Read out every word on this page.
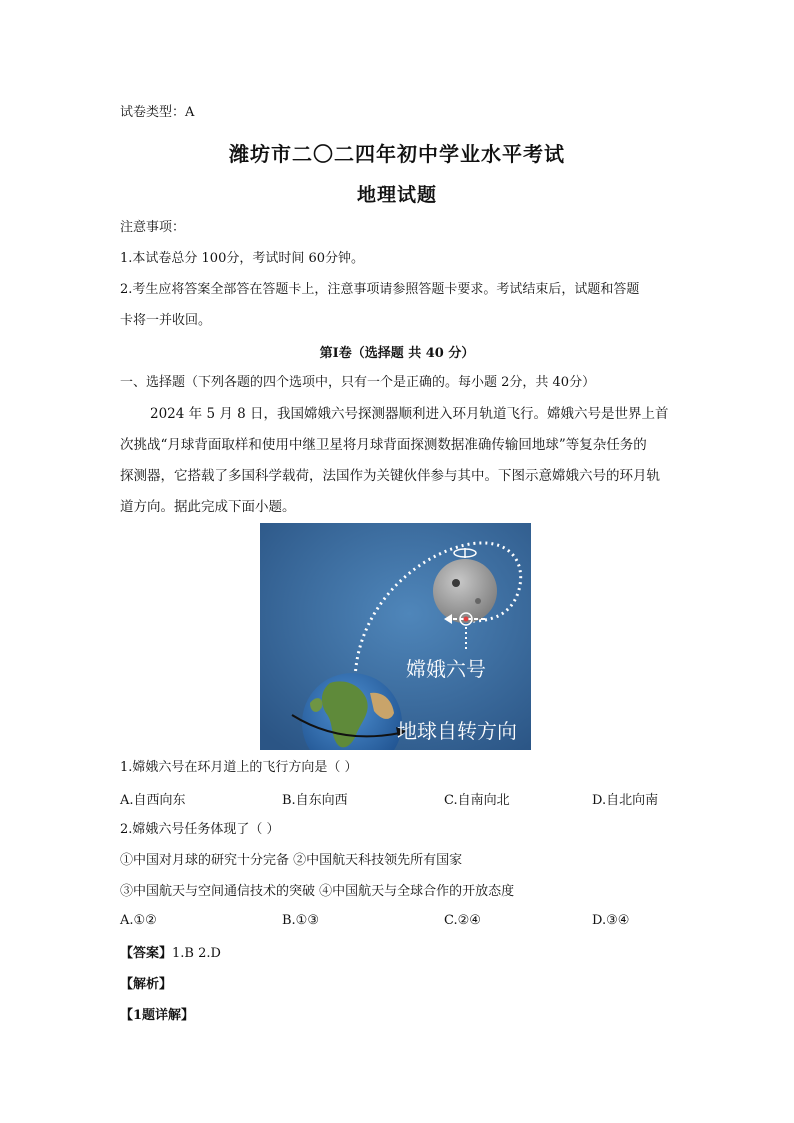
试卷类型：A
潍坊市二〇二四年初中学业水平考试
地理试题
注意事项：
1.本试卷总分 100分，考试时间 60分钟。
2.考生应将答案全部答在答题卡上，注意事项请参照答题卡要求。考试结束后，试题和答题
卡将一并收回。
第Ⅰ卷（选择题 共 40 分）
一、选择题（下列各题的四个选项中，只有一个是正确的。每小题 2分，共 40分）
2024 年 5 月 8 日，我国嫦娥六号探测器顺利进入环月轨道飞行。嫦娥六号是世界上首
次挑战“月球背面取样和使用中继卫星将月球背面探测数据准确传输回地球”等复杂任务的
探测器，它搭载了多国科学载荷，法国作为关键伙伴参与其中。下图示意嫦娥六号的环月轨
道方向。据此完成下面小题。
嫦娥六号
地球自转方向
1.嫦娥六号在环月道上的飞行方向是（ ）
A.自西向东	B.自东向西	C.自南向北	D.自北向南
2.嫦娥六号任务体现了（ ）
①中国对月球的研究十分完备 ②中国航天科技领先所有国家
③中国航天与空间通信技术的突破 ④中国航天与全球合作的开放态度
A.①②	B.①③	C.②④	D.③④
【答案】1.B 2.D
【解析】
【1题详解】
